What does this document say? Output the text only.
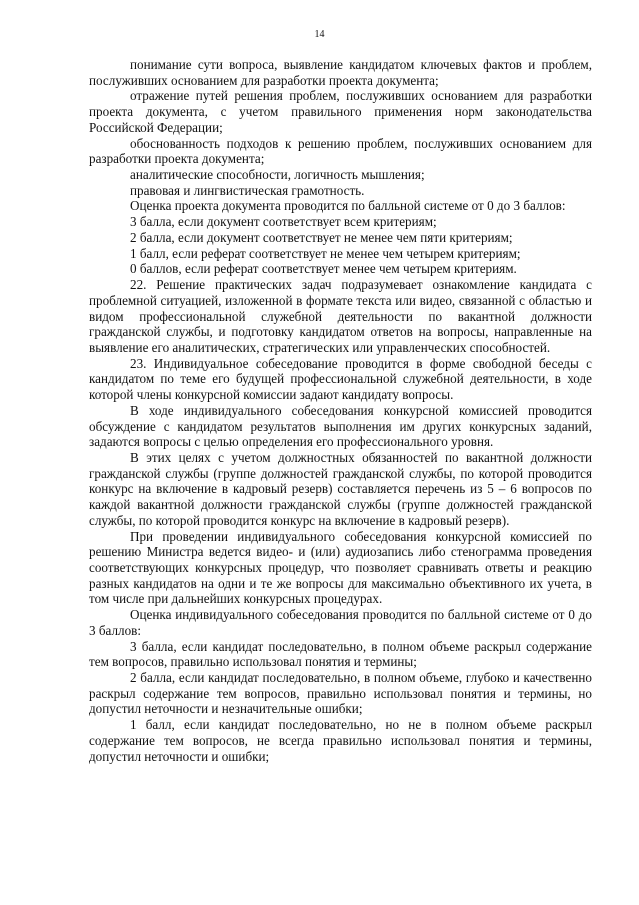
14

понимание сути вопроса, выявление кандидатом ключевых фактов и проблем, послуживших основанием для разработки проекта документа;

отражение путей решения проблем, послуживших основанием для разработки проекта документа, с учетом правильного применения норм законодательства Российской Федерации;

обоснованность подходов к решению проблем, послуживших основанием для разработки проекта документа;

аналитические способности, логичность мышления;

правовая и лингвистическая грамотность.

Оценка проекта документа проводится по балльной системе от 0 до 3 баллов:

3 балла, если документ соответствует всем критериям;

2 балла, если документ соответствует не менее чем пяти критериям;

1 балл, если реферат соответствует не менее чем четырем критериям;

0 баллов, если реферат соответствует менее чем четырем критериям.

22. Решение практических задач подразумевает ознакомление кандидата с проблемной ситуацией, изложенной в формате текста или видео, связанной с областью и видом профессиональной служебной деятельности по вакантной должности гражданской службы, и подготовку кандидатом ответов на вопросы, направленные на выявление его аналитических, стратегических или управленческих способностей.

23. Индивидуальное собеседование проводится в форме свободной беседы с кандидатом по теме его будущей профессиональной служебной деятельности, в ходе которой члены конкурсной комиссии задают кандидату вопросы.

В ходе индивидуального собеседования конкурсной комиссией проводится обсуждение с кандидатом результатов выполнения им других конкурсных заданий, задаются вопросы с целью определения его профессионального уровня.

В этих целях с учетом должностных обязанностей по вакантной должности гражданской службы (группе должностей гражданской службы, по которой проводится конкурс на включение в кадровый резерв) составляется перечень из 5 – 6 вопросов по каждой вакантной должности гражданской службы (группе должностей гражданской службы, по которой проводится конкурс на включение в кадровый резерв).

При проведении индивидуального собеседования конкурсной комиссией по решению Министра ведется видео- и (или) аудиозапись либо стенограмма проведения соответствующих конкурсных процедур, что позволяет сравнивать ответы и реакцию разных кандидатов на одни и те же вопросы для максимально объективного их учета, в том числе при дальнейших конкурсных процедурах.

Оценка индивидуального собеседования проводится по балльной системе от 0 до 3 баллов:

3 балла, если кандидат последовательно, в полном объеме раскрыл содержание тем вопросов, правильно использовал понятия и термины;

2 балла, если кандидат последовательно, в полном объеме, глубоко и качественно раскрыл содержание тем вопросов, правильно использовал понятия и термины, но допустил неточности и незначительные ошибки;

1 балл, если кандидат последовательно, но не в полном объеме раскрыл содержание тем вопросов, не всегда правильно использовал понятия и термины, допустил неточности и ошибки;
